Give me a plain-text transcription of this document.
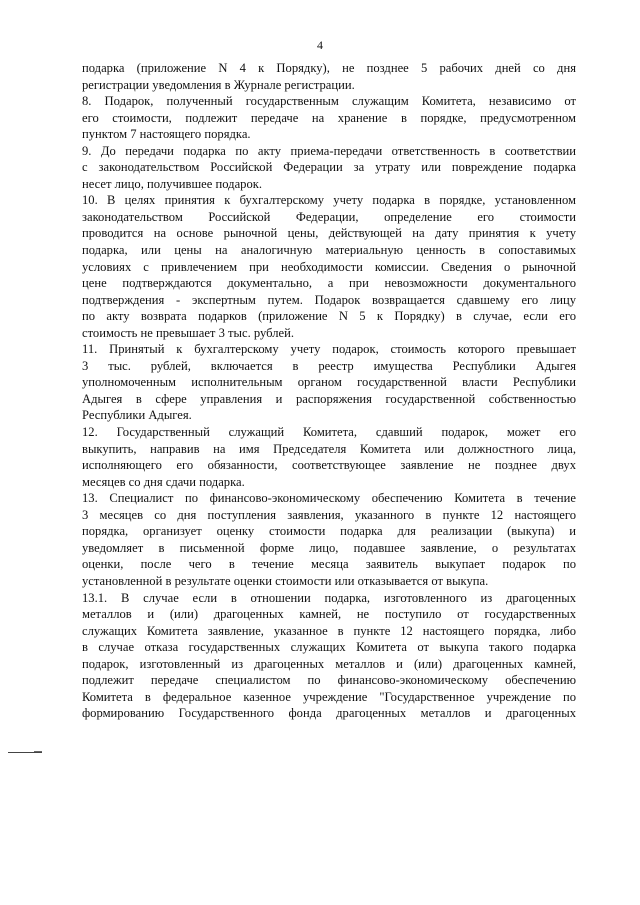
4
подарка (приложение N 4 к Порядку), не позднее 5 рабочих дней со дня
регистрации уведомления в Журнале регистрации.
8. Подарок, полученный государственным служащим Комитета, независимо от
его стоимости, подлежит передаче на хранение в порядке, предусмотренном
пунктом 7 настоящего порядка.
9. До передачи подарка по акту приема-передачи ответственность в соответствии
с законодательством Российской Федерации за утрату или повреждение подарка
несет лицо, получившее подарок.
10. В целях принятия к бухгалтерскому учету подарка в порядке, установленном
законодательством Российской Федерации, определение его стоимости
проводится на основе рыночной цены, действующей на дату принятия к учету
подарка, или цены на аналогичную материальную ценность в сопоставимых
условиях с привлечением при необходимости комиссии. Сведения о рыночной
цене подтверждаются документально, а при невозможности документального
подтверждения - экспертным путем. Подарок возвращается сдавшему его лицу
по акту возврата подарков (приложение N 5 к Порядку) в случае, если его
стоимость не превышает 3 тыс. рублей.
11. Принятый к бухгалтерскому учету подарок, стоимость которого превышает
3 тыс. рублей, включается в реестр имущества Республики Адыгея
уполномоченным исполнительным органом государственной власти Республики
Адыгея в сфере управления и распоряжения государственной собственностью
Республики Адыгея.
12. Государственный служащий Комитета, сдавший подарок, может его
выкупить, направив на имя Председателя Комитета или должностного лица,
исполняющего его обязанности, соответствующее заявление не позднее двух
месяцев со дня сдачи подарка.
13. Специалист по финансово-экономическому обеспечению Комитета в течение
3 месяцев со дня поступления заявления, указанного в пункте 12 настоящего
порядка, организует оценку стоимости подарка для реализации (выкупа) и
уведомляет в письменной форме лицо, подавшее заявление, о результатах
оценки, после чего в течение месяца заявитель выкупает подарок по
установленной в результате оценки стоимости или отказывается от выкупа.
13.1. В случае если в отношении подарка, изготовленного из драгоценных
металлов и (или) драгоценных камней, не поступило от государственных
служащих Комитета заявление, указанное в пункте 12 настоящего порядка, либо
в случае отказа государственных служащих Комитета от выкупа такого подарка
подарок, изготовленный из драгоценных металлов и (или) драгоценных камней,
подлежит передаче специалистом по финансово-экономическому обеспечению
Комитета в федеральное казенное учреждение "Государственное учреждение по
формированию Государственного фонда драгоценных металлов и драгоценных
